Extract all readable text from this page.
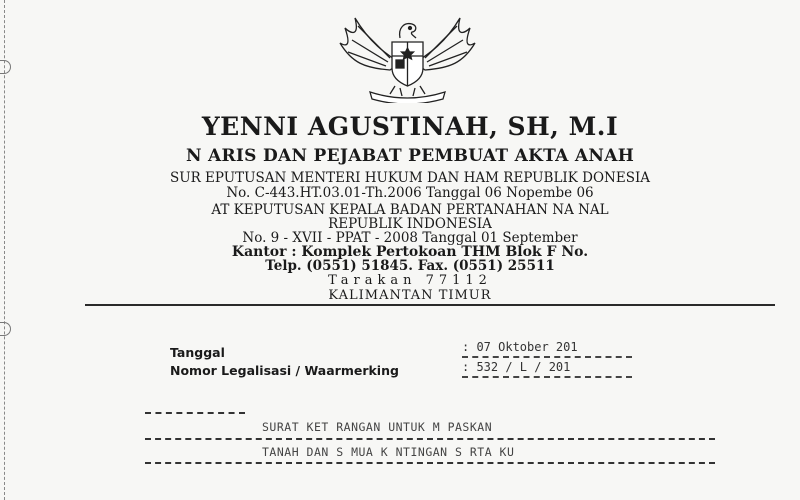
YENNI AGUSTINAH, SH, M.I
N ARIS DAN PEJABAT PEMBUAT AKTA ANAH
SUR EPUTUSAN MENTERI HUKUM DAN HAM REPUBLIK DONESIA
No. C-443.HT.03.01-Th.2006 Tanggal 06 Nopembe 06
AT KEPUTUSAN KEPALA BADAN PERTANAHAN NA NAL
REPUBLIK INDONESIA
No. 9 - XVII - PPAT - 2008 Tanggal 01 September
Kantor : Komplek Pertokoan THM Blok F No.
Telp. (0551) 51845. Fax. (0551) 25511
Tarakan 77112
KALIMANTAN TIMUR
Tanggal	: 07 Oktober 201
Nomor Legalisasi / Waarmerking	: 532 / L / 201
SURAT KET RANGAN UNTUK M PASKAN
TANAH DAN S MUA K NTINGAN S RTA KU
